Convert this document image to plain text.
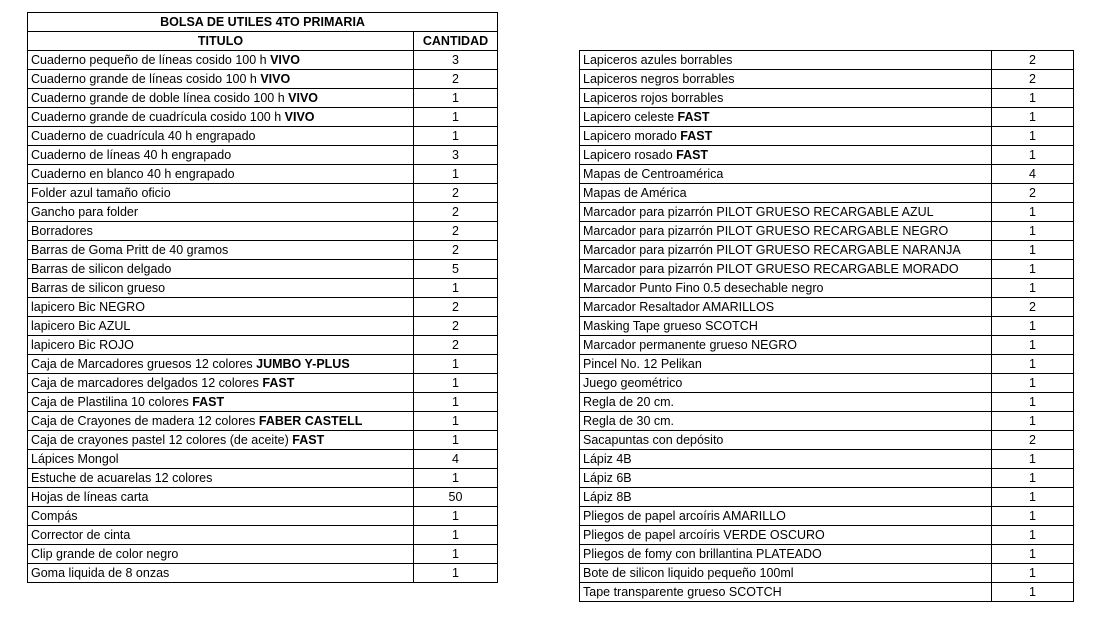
BOLSA DE UTILES 4TO PRIMARIA	
TITULO	CANTIDAD
Cuaderno pequeño de líneas cosido 100 h VIVO	3
Cuaderno grande de líneas cosido 100 h VIVO	2
Cuaderno grande de doble línea cosido 100 h VIVO	1
Cuaderno grande de cuadrícula cosido 100 h VIVO	1
Cuaderno de cuadrícula 40 h engrapado	1
Cuaderno de líneas 40 h engrapado	3
Cuaderno en blanco 40 h engrapado	1
Folder azul tamaño oficio	2
Gancho para folder	2
Borradores	2
Barras de Goma Pritt de 40 gramos	2
Barras de silicon delgado	5
Barras de silicon grueso	1
lapicero Bic NEGRO	2
lapicero Bic AZUL	2
lapicero Bic ROJO	2
Caja de Marcadores gruesos 12 colores JUMBO Y-PLUS	1
Caja de marcadores delgados 12 colores FAST	1
Caja de Plastilina 10 colores FAST	1
Caja de Crayones de madera 12 colores FABER CASTELL	1
Caja de crayones pastel 12 colores (de aceite) FAST	1
Lápices Mongol	4
Estuche de acuarelas 12 colores	1
Hojas de líneas carta	50
Compás	1
Corrector de cinta	1
Clip grande de color negro	1
Goma liquida de 8 onzas	1
Lapiceros azules borrables	2
Lapiceros negros borrables	2
Lapiceros rojos borrables	1
Lapicero celeste FAST	1
Lapicero morado FAST	1
Lapicero rosado FAST	1
Mapas de Centroamérica	4
Mapas de América	2
Marcador para pizarrón PILOT GRUESO RECARGABLE AZUL	1
Marcador para pizarrón PILOT GRUESO RECARGABLE NEGRO	1
Marcador para pizarrón PILOT GRUESO RECARGABLE NARANJA	1
Marcador para pizarrón PILOT GRUESO RECARGABLE MORADO	1
Marcador Punto Fino 0.5 desechable negro	1
Marcador Resaltador AMARILLOS	2
Masking Tape grueso SCOTCH	1
Marcador permanente grueso NEGRO	1
Pincel No. 12 Pelikan	1
Juego geométrico	1
Regla de 20 cm.	1
Regla de 30 cm.	1
Sacapuntas con depósito	2
Lápiz 4B	1
Lápiz 6B	1
Lápiz 8B	1
Pliegos de papel arcoíris AMARILLO	1
Pliegos de papel arcoíris VERDE OSCURO	1
Pliegos de fomy con brillantina PLATEADO	1
Bote de silicon liquido pequeño 100ml	1
Tape transparente grueso SCOTCH	1
